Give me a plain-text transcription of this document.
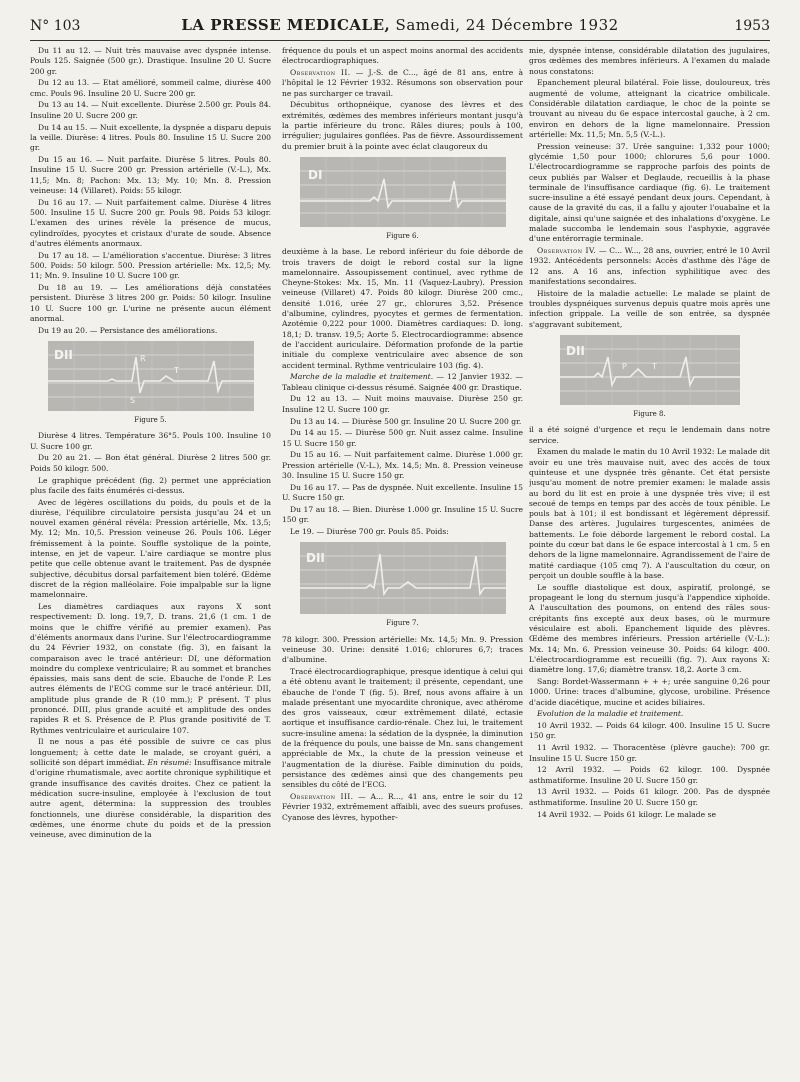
N° 103	LA PRESSE MEDICALE, Samedi, 24 Décembre 1932	1953

Du 11 au 12. — Nuit très mauvaise avec dyspnée intense. Pouls 125. Saignée (500 gr.). Drastique. Insuline 20 U. Sucre 200 gr.

Du 12 au 13. — Etat amélioré, sommeil calme, diurèse 400 cmc. Pouls 96. Insuline 20 U. Sucre 200 gr.

Du 13 au 14. — Nuit excellente. Diurèse 2.500 gr. Pouls 84. Insuline 20 U. Sucre 200 gr.

Du 14 au 15. — Nuit excellente, la dyspnée a disparu depuis la veille. Diurèse: 4 litres. Pouls 80. Insuline 15 U. Sucre 200 gr.

Du 15 au 16. — Nuit parfaite. Diurèse 5 litres. Pouls 80. Insuline 15 U. Sucre 200 gr. Pression artérielle (V.-L.), Mx. 11,5; Mn. 8; Pachon: Mx. 13; My. 10; Mn. 8. Pression veineuse: 14 (Villaret). Poids: 55 kilogr.

Du 16 au 17. — Nuit parfaitement calme. Diurèse 4 litres 500. Insuline 15 U. Sucre 200 gr. Pouls 98. Poids 53 kilogr. L'examen des urines révèle la présence de mucus, cylindroïdes, pyocytes et cristaux d'urate de soude. Absence d'autres éléments anormaux.

Du 17 au 18. — L'amélioration s'accentue. Diurèse: 3 litres 500. Poids: 50 kilogr. 500. Pression artérielle: Mx. 12,5; My. 11; Mn. 9. Insuline 10 U. Sucre 100 gr.

Du 18 au 19. — Les améliorations déjà constatées persistent. Diurèse 3 litres 200 gr. Poids: 50 kilogr. Insuline 10 U. Sucre 100 gr. L'urine ne présente aucun élément anormal.

Du 19 au 20. — Persistance des améliorations.

DII	R
T
S
Figure 5.

Diurèse 4 litres. Température 36°5. Pouls 100. Insuline 10 U. Sucre 100 gr.

Du 20 au 21. — Bon état général. Diurèse 2 litres 500 gr. Poids 50 kilogr. 500.

Le graphique précédent (fig. 2) permet une appréciation plus facile des faits énumérés ci-dessus.

Avec de légères oscillations du poids, du pouls et de la diurèse, l'équilibre circulatoire persista jusqu'au 24 et un nouvel examen général révéla: Pression artérielle, Mx. 13,5; My. 12; Mn. 10,5. Pression veineuse 26. Pouls 106. Léger frémissement à la pointe. Souffle systolique de la pointe, intense, en jet de vapeur. L'aire cardiaque se montre plus petite que celle obtenue avant le traitement. Pas de dyspnée subjective, décubitus dorsal parfaitement bien toléré. Œdème discret de la région malléolaire. Foie impalpable sur la ligne mamelonnaire.

Les diamètres cardiaques aux rayons X sont respectivement: D. long. 19,7, D. trans. 21,6 (1 cm. 1 de moins que le chiffre vérifié au premier examen). Pas d'éléments anormaux dans l'urine. Sur l'électrocardiogramme du 24 Février 1932, on constate (fig. 3), en faisant la comparaison avec le tracé antérieur: DI, une déformation moindre du complexe ventriculaire; R au sommet et branches épaissies, mais sans dent de scie. Ebauche de l'onde P. Les autres éléments de l'ECG comme sur le tracé antérieur. DII, amplitude plus grande de R (10 mm.); P présent. T plus prononcé. DIII, plus grande acuité et amplitude des ondes rapides R et S. Présence de P. Plus grande positivité de T. Rythmes ventriculaire et auriculaire 107.

Il ne nous a pas été possible de suivre ce cas plus longuement; à cette date le malade, se croyant guéri, a sollicité son départ immédiat. En résumé: Insuffisance mitrale d'origine rhumatismale, avec aortite chronique syphilitique et grande insuffisance des cavités droites. Chez ce patient la médication sucre-insuline, employée à l'exclusion de tout autre agent, détermina: la suppression des troubles fonctionnels, une diurèse considérable, la disparition des œdèmes, une énorme chute du poids et de la pression veineuse, avec diminution de la

fréquence du pouls et un aspect moins anormal des accidents électrocardiographiques.

Observation II. — J.-S. de C..., âgé de 81 ans, entre à l'hôpital le 12 Février 1932. Résumons son observation pour ne pas surcharger ce travail.

Décubitus orthopnéique, cyanose des lèvres et des extrémités, œdèmes des membres inférieurs montant jusqu'à la partie inférieure du tronc. Râles diures; pouls à 100, irrégulier; jugulaires gonflées. Pas de fièvre. Assourdissement du premier bruit à la pointe avec éclat claugoreux du

DI
Figure 6.

deuxième à la base. Le rebord inférieur du foie déborde de trois travers de doigt le rebord costal sur la ligne mamelonnaire. Assoupissement continuel, avec rythme de Cheyne-Stokes: Mx. 15, Mn. 11 (Vaquez-Laubry). Pression veineuse (Villaret) 47. Poids 80 kilogr. Diurèse 200 cmc., densité 1.016, urée 27 gr., chlorures 3,52. Présence d'albumine, cylindres, pyocytes et germes de fermentation. Azotémie 0,222 pour 1000. Diamètres cardiaques: D. long. 18,1; D. transv. 19,5; Aorte 5. Electrocardiogramme: absence de l'accident auriculaire. Déformation profonde de la partie initiale du complexe ventriculaire avec absence de son accident terminal. Rythme ventriculaire 103 (fig. 4).

Marche de la maladie et traitement. — 12 Janvier 1932. — Tableau clinique ci-dessus résumé. Saignée 400 gr. Drastique.

Du 12 au 13. — Nuit moins mauvaise. Diurèse 250 gr. Insuline 12 U. Sucre 100 gr.

Du 13 au 14. — Diurèse 500 gr. Insuline 20 U. Sucre 200 gr.

Du 14 au 15. — Diurèse 500 gr. Nuit assez calme. Insuline 15 U. Sucre 150 gr.

Du 15 au 16. — Nuit parfaitement calme. Diurèse 1.000 gr. Pression artérielle (V.-L.), Mx. 14,5; Mn. 8. Pression veineuse 30. Insuline 15 U. Sucre 150 gr.

Du 16 au 17. — Pas de dyspnée. Nuit excellente. Insuline 15 U. Sucre 150 gr.

Du 17 au 18. — Bien. Diurèse 1.000 gr. Insuline 15 U. Sucre 150 gr.

Le 19. — Diurèse 700 gr. Pouls 85. Poids:

DII
Figure 7.

78 kilogr. 300. Pression artérielle: Mx. 14,5; Mn. 9. Pression veineuse 30. Urine: densité 1.016; chlorures 6,7; traces d'albumine.

Tracé électrocardiographique, presque identique à celui qui a été obtenu avant le traitement; il présente, cependant, une ébauche de l'onde T (fig. 5). Bref, nous avons affaire à un malade présentant une myocardite chronique, avec athérome des gros vaisseaux, cœur extrêmement dilaté, ectasie aortique et insuffisance cardio-rénale. Chez lui, le traitement sucre-insuline amena: la sédation de la dyspnée, la diminution de la fréquence du pouls, une baisse de Mn. sans changement appréciable de Mx., la chute de la pression veineuse et l'augmentation de la diurèse. Faible diminution du poids, persistance des œdèmes ainsi que des changements peu sensibles du côté de l'ECG.

Observation III. — A... R..., 41 ans, entre le soir du 12 Février 1932, extrêmement affaibli, avec des sueurs profuses. Cyanose des lèvres, hypother-

mie, dyspnée intense, considérable dilatation des jugulaires, gros œdèmes des membres inférieurs. A l'examen du malade nous constatons:

Epanchement pleural bilatéral. Foie lisse, douloureux, très augmenté de volume, atteignant la cicatrice ombilicale. Considérable dilatation cardiaque, le choc de la pointe se trouvant au niveau du 6e espace intercostal gauche, à 2 cm. environ en dehors de la ligne mamelonnaire. Pression artérielle: Mx. 11,5; Mn. 5,5 (V.-L.).

Pression veineuse: 37. Urée sanguine: 1,332 pour 1000; glycémie 1,50 pour 1000; chlorures 5,6 pour 1000. L'électrocardiogramme se rapproche parfois des points de ceux publiés par Walser et Deglaude, recueillis à la phase terminale de l'insuffisance cardiaque (fig. 6). Le traitement sucre-insuline a été essayé pendant deux jours. Cependant, à cause de la gravité du cas, il a fallu y ajouter l'ouabaïne et la digitale, ainsi qu'une saignée et des inhalations d'oxygène. Le malade succomba le lendemain sous l'asphyxie, aggravée d'une entérorragie terminale.

Observation IV. — C... W..., 28 ans, ouvrier, entré le 10 Avril 1932. Antécédents personnels: Accès d'asthme dès l'âge de 12 ans. A 16 ans, infection syphilitique avec des manifestations secondaires.

Histoire de la maladie actuelle: Le malade se plaint de troubles dyspnéiques survenus depuis quatre mois après une infection grippale. La veille de son entrée, sa dyspnée s'aggravant subitement,

DII
P	T
Figure 8.

il a été soigné d'urgence et reçu le lendemain dans notre service.

Examen du malade le matin du 10 Avril 1932: Le malade dit avoir eu une très mauvaise nuit, avec des accès de toux quinteuse et une dyspnée très gênante. Cet état persiste jusqu'au moment de notre premier examen: le malade assis au bord du lit est en proie à une dyspnée très vive; il est secoué de temps en temps par des accès de toux pénible. Le pouls bat à 101; il est bondissant et légèrement dépressif. Danse des artères. Jugulaires turgescentes, animées de battements. Le foie déborde largement le rebord costal. La pointe du cœur bat dans le 6e espace intercostal à 1 cm. 5 en dehors de la ligne mamelonnaire. Agrandissement de l'aire de matité cardiaque (105 cmq 7). A l'auscultation du cœur, on perçoit un double souffle à la base.

Le souffle diastolique est doux, aspiratif, prolongé, se propageant le long du sternum jusqu'à l'appendice xiphoïde. A l'auscultation des poumons, on entend des râles sous-crépitants fins excepté aux deux bases, où le murmure vésiculaire est aboli. Epanchement liquide des plèvres. Œdème des membres inférieurs. Pression artérielle (V.-L.): Mx. 14; Mn. 6. Pression veineuse 30. Poids: 64 kilogr. 400. L'électrocardiogramme est recueilli (fig. 7). Aux rayons X: diamètre long. 17,6; diamètre transv. 18,2. Aorte 3 cm.

Sang: Bordet-Wassermann + + +; urée sanguine 0,26 pour 1000. Urine: traces d'albumine, glycose, urobiline. Présence d'acide diacétique, mucine et acides biliaires.

Evolution de la maladie et traitement.

10 Avril 1932. — Poids 64 kilogr. 400. Insuline 15 U. Sucre 150 gr.

11 Avril 1932. — Thoracentèse (plèvre gauche): 700 gr. Insuline 15 U. Sucre 150 gr.

12 Avril 1932. — Poids 62 kilogr. 100. Dyspnée asthmatiforme. Insuline 20 U. Sucre 150 gr.

13 Avril 1932. — Poids 61 kilogr. 200. Pas de dyspnée asthmatiforme. Insuline 20 U. Sucre 150 gr.

14 Avril 1932. — Poids 61 kilogr. Le malade se
